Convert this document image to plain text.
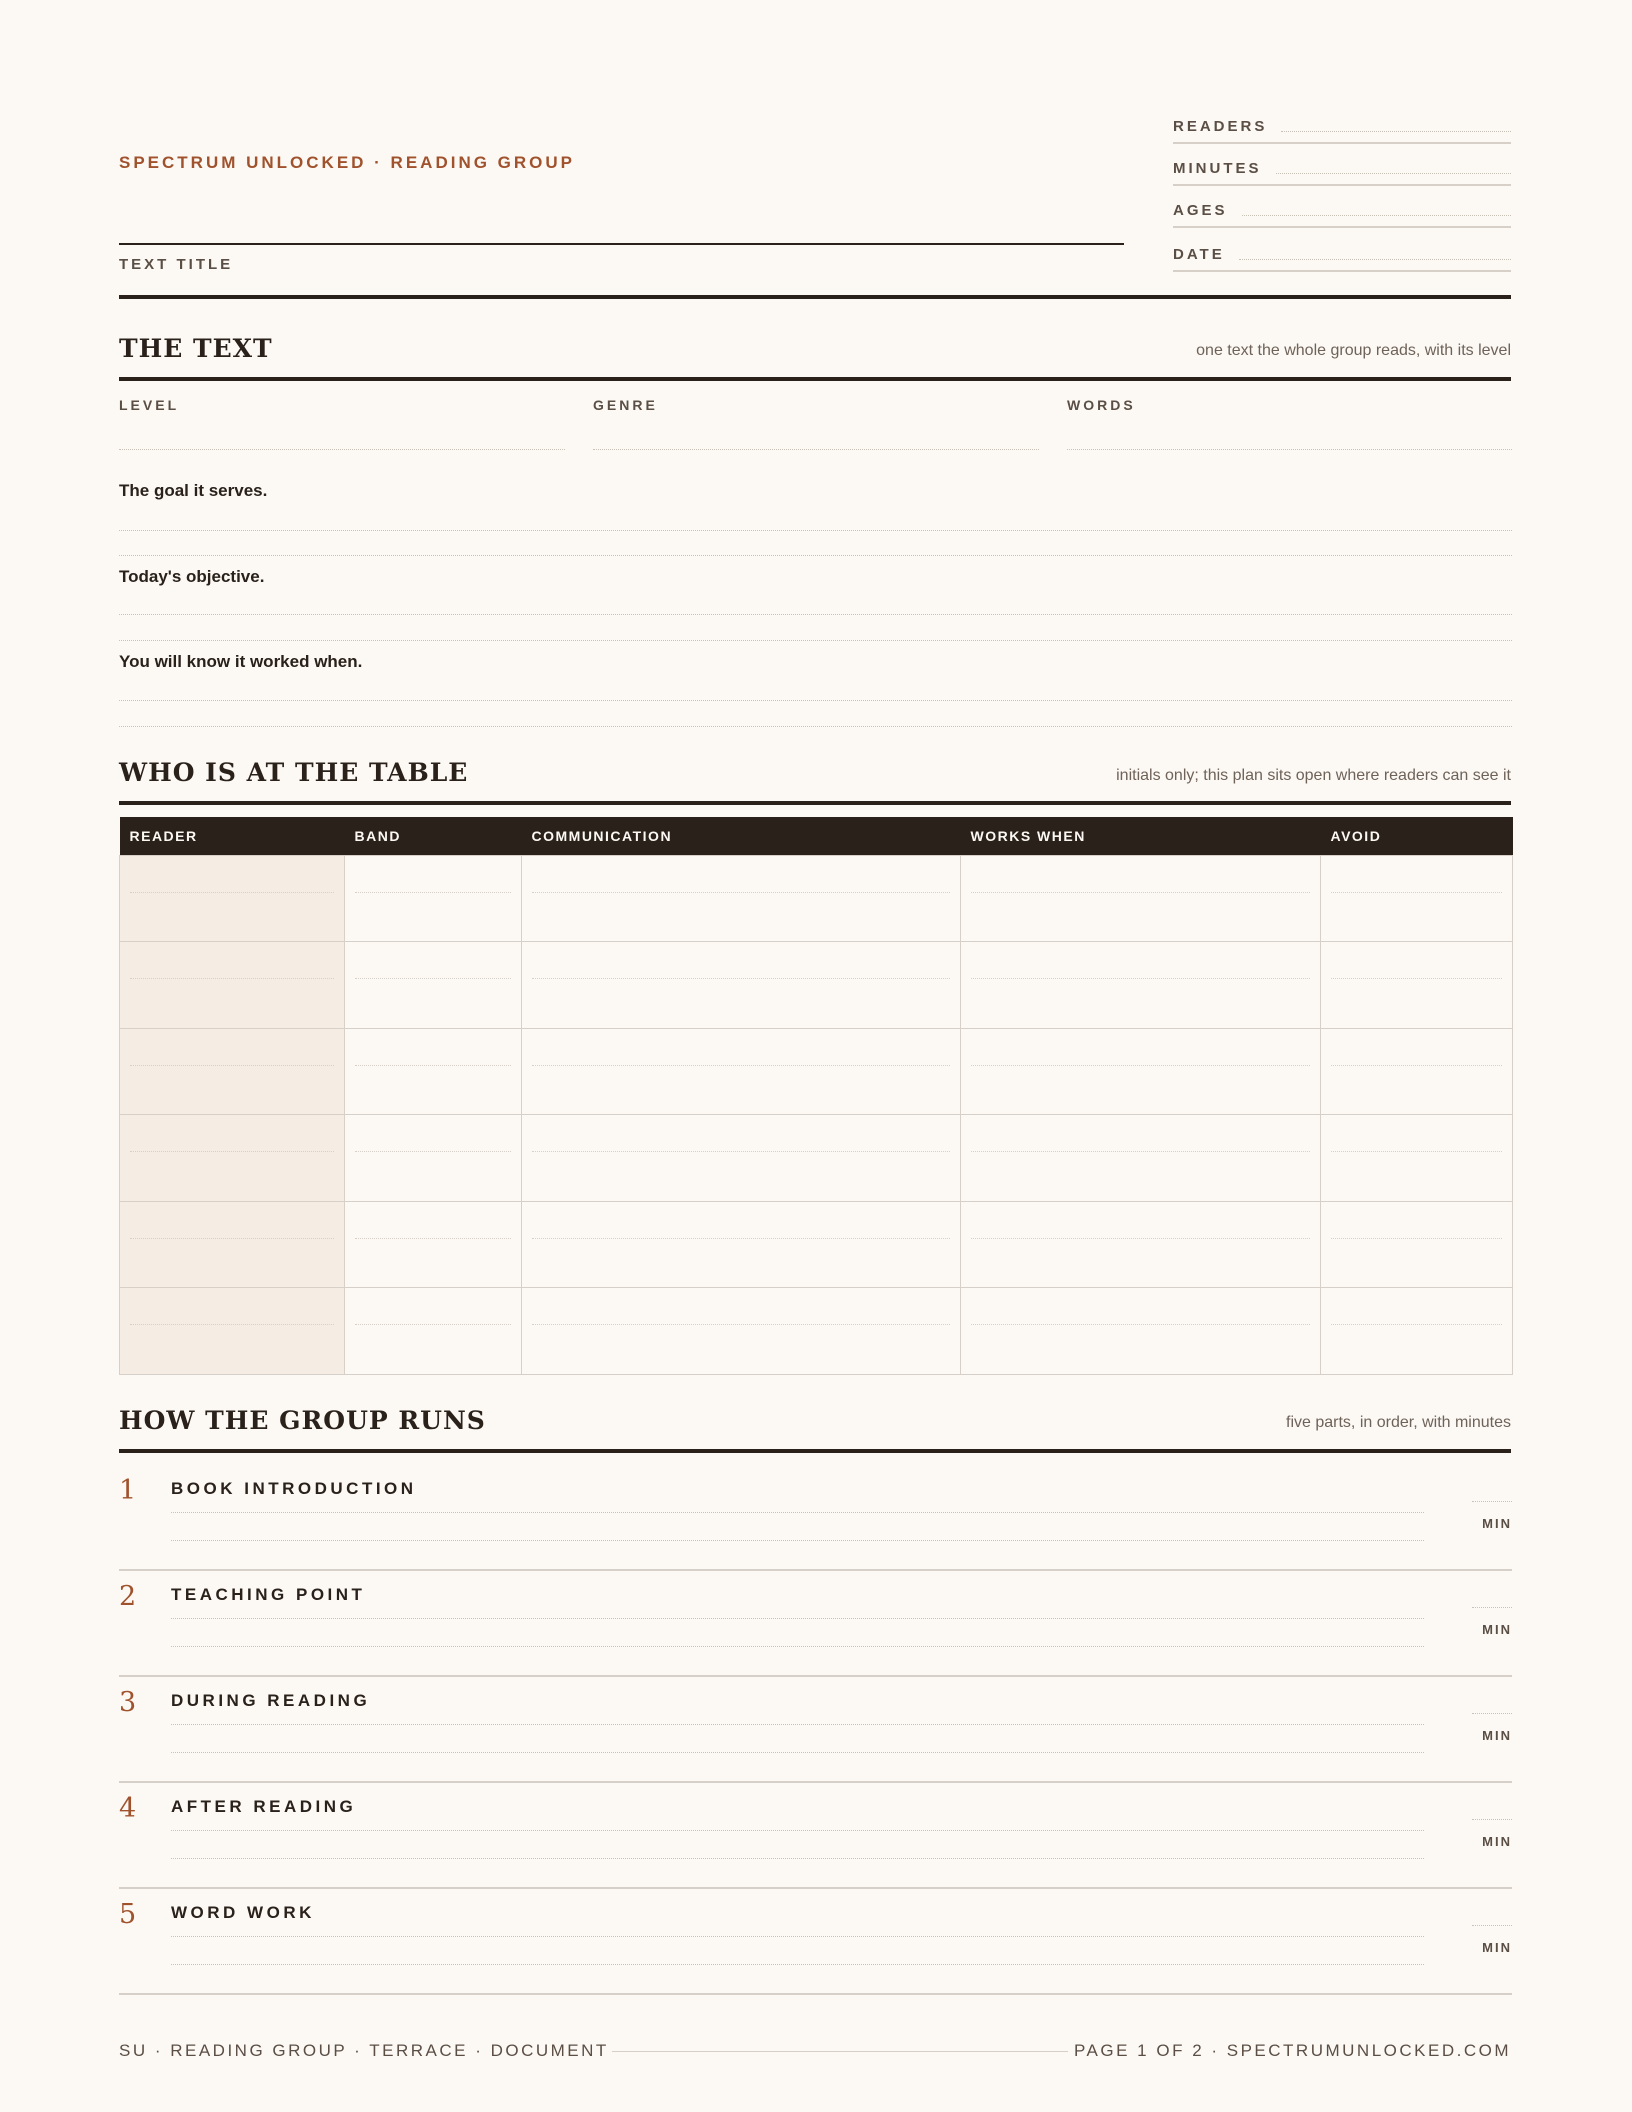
SPECTRUM UNLOCKED · READING GROUP
TEXT TITLE
READERS
MINUTES
AGES
DATE
THE TEXT	one text the whole group reads, with its level
LEVEL	GENRE	WORDS
The goal it serves.
Today's objective.
You will know it worked when.
WHO IS AT THE TABLE	initials only; this plan sits open where readers can see it
READER	BAND	COMMUNICATION	WORKS WHEN	AVOID

HOW THE GROUP RUNS	five parts, in order, with minutes
1 BOOK INTRODUCTION
MIN
2 TEACHING POINT
MIN
3 DURING READING
MIN
4 AFTER READING
MIN
5 WORD WORK
MIN
SU · READING GROUP · TERRACE · DOCUMENT	PAGE 1 OF 2 · SPECTRUMUNLOCKED.COM
